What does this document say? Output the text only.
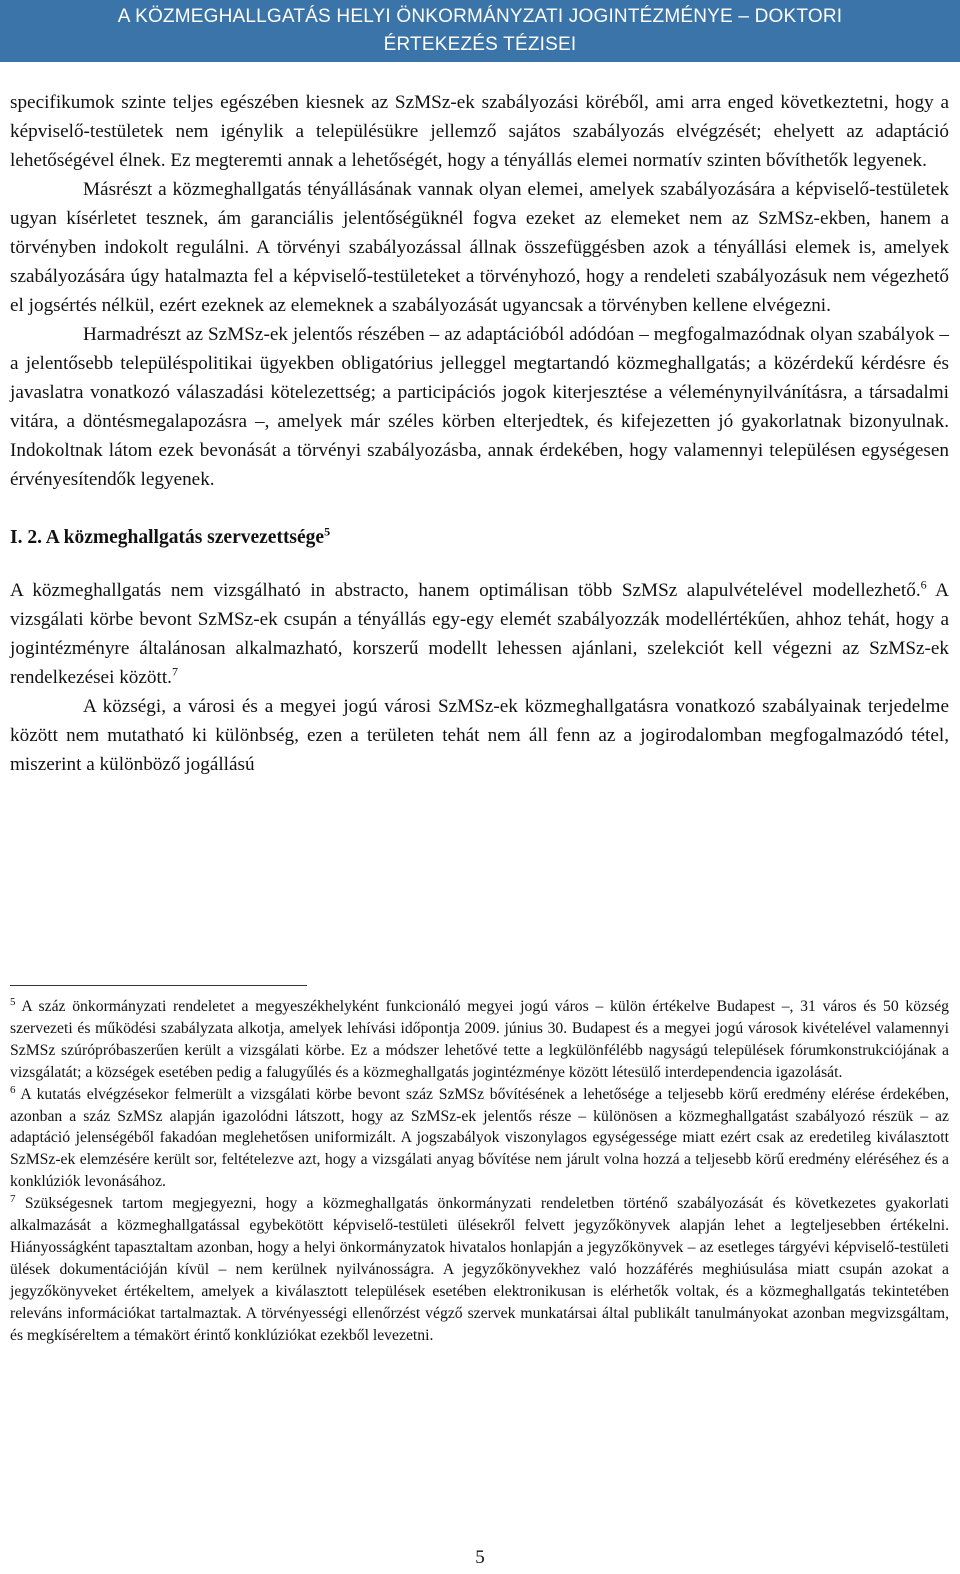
A KÖZMEGHALLGATÁS HELYI ÖNKORMÁNYZATI JOGINTÉZMÉNYE – DOKTORI
ÉRTEKEZÉS TÉZISEI

specifikumok szinte teljes egészében kiesnek az SzMSz-ek szabályozási köréből, ami arra enged következtetni, hogy a képviselő-testületek nem igénylik a településükre jellemző sajátos szabályozás elvégzését; ehelyett az adaptáció lehetőségével élnek. Ez megteremti annak a lehetőségét, hogy a tényállás elemei normatív szinten bővíthetők legyenek.

Másrészt a közmeghallgatás tényállásának vannak olyan elemei, amelyek szabályozására a képviselő-testületek ugyan kísérletet tesznek, ám garanciális jelentőségüknél fogva ezeket az elemeket nem az SzMSz-ekben, hanem a törvényben indokolt regulálni. A törvényi szabályozással állnak összefüggésben azok a tényállási elemek is, amelyek szabályozására úgy hatalmazta fel a képviselő-testületeket a törvényhozó, hogy a rendeleti szabályozásuk nem végezhető el jogsértés nélkül, ezért ezeknek az elemeknek a szabályozását ugyancsak a törvényben kellene elvégezni.

Harmadrészt az SzMSz-ek jelentős részében – az adaptációból adódóan – megfogalmazódnak olyan szabályok – a jelentősebb településpolitikai ügyekben obligatórius jelleggel megtartandó közmeghallgatás; a közérdekű kérdésre és javaslatra vonatkozó válaszadási kötelezettség; a participációs jogok kiterjesztése a véleménynyilvánításra, a társadalmi vitára, a döntésmegalapozásra –, amelyek már széles körben elterjedtek, és kifejezetten jó gyakorlatnak bizonyulnak. Indokoltnak látom ezek bevonását a törvényi szabályozásba, annak érdekében, hogy valamennyi településen egységesen érvényesítendők legyenek.

I. 2. A közmeghallgatás szervezettsége$^5$

A közmeghallgatás nem vizsgálható in abstracto, hanem optimálisan több SzMSz alapulvételével modellezhető.$^6$ A vizsgálati körbe bevont SzMSz-ek csupán a tényállás egy-egy elemét szabályozzák modellértékűen, ahhoz tehát, hogy a jogintézményre általánosan alkalmazható, korszerű modellt lehessen ajánlani, szelekciót kell végezni az SzMSz-ek rendelkezései között.$^7$

A községi, a városi és a megyei jogú városi SzMSz-ek közmeghallgatásra vonatkozó szabályainak terjedelme között nem mutatható ki különbség, ezen a területen tehát nem áll fenn az a jogirodalomban megfogalmazódó tétel, miszerint a különböző jogállású

$^5$ A száz önkormányzati rendeletet a megyeszékhelyként funkcionáló megyei jogú város – külön értékelve Budapest –, 31 város és 50 község szervezeti és működési szabályzata alkotja, amelyek lehívási időpontja 2009. június 30. Budapest és a megyei jogú városok kivételével valamennyi SzMSz szúrópróbaszerűen került a vizsgálati körbe. Ez a módszer lehetővé tette a legkülönfélébb nagyságú települések fórumkonstrukciójának a vizsgálatát; a községek esetében pedig a falugyűlés és a közmeghallgatás jogintézménye között létesülő interdependencia igazolását.

$^6$ A kutatás elvégzésekor felmerült a vizsgálati körbe bevont száz SzMSz bővítésének a lehetősége a teljesebb körű eredmény elérése érdekében, azonban a száz SzMSz alapján igazolódni látszott, hogy az SzMSz-ek jelentős része – különösen a közmeghallgatást szabályozó részük – az adaptáció jelenségéből fakadóan meglehetősen uniformizált. A jogszabályok viszonylagos egységessége miatt ezért csak az eredetileg kiválasztott SzMSz-ek elemzésére került sor, feltételezve azt, hogy a vizsgálati anyag bővítése nem járult volna hozzá a teljesebb körű eredmény eléréséhez és a konklúziók levonásához.

$^7$ Szükségesnek tartom megjegyezni, hogy a közmeghallgatás önkormányzati rendeletben történő szabályozását és következetes gyakorlati alkalmazását a közmeghallgatással egybekötött képviselő-testületi ülésekről felvett jegyzőkönyvek alapján lehet a legteljesebben értékelni. Hiányosságként tapasztaltam azonban, hogy a helyi önkormányzatok hivatalos honlapján a jegyzőkönyvek – az esetleges tárgyévi képviselő-testületi ülések dokumentációján kívül – nem kerülnek nyilvánosságra. A jegyzőkönyvekhez való hozzáférés meghiúsulása miatt csupán azokat a jegyzőkönyveket értékeltem, amelyek a kiválasztott települések esetében elektronikusan is elérhetők voltak, és a közmeghallgatás tekintetében releváns információkat tartalmaztak. A törvényességi ellenőrzést végző szervek munkatársai által publikált tanulmányokat azonban megvizsgáltam, és megkíséreltem a témakört érintő konklúziókat ezekből levezetni.

5
